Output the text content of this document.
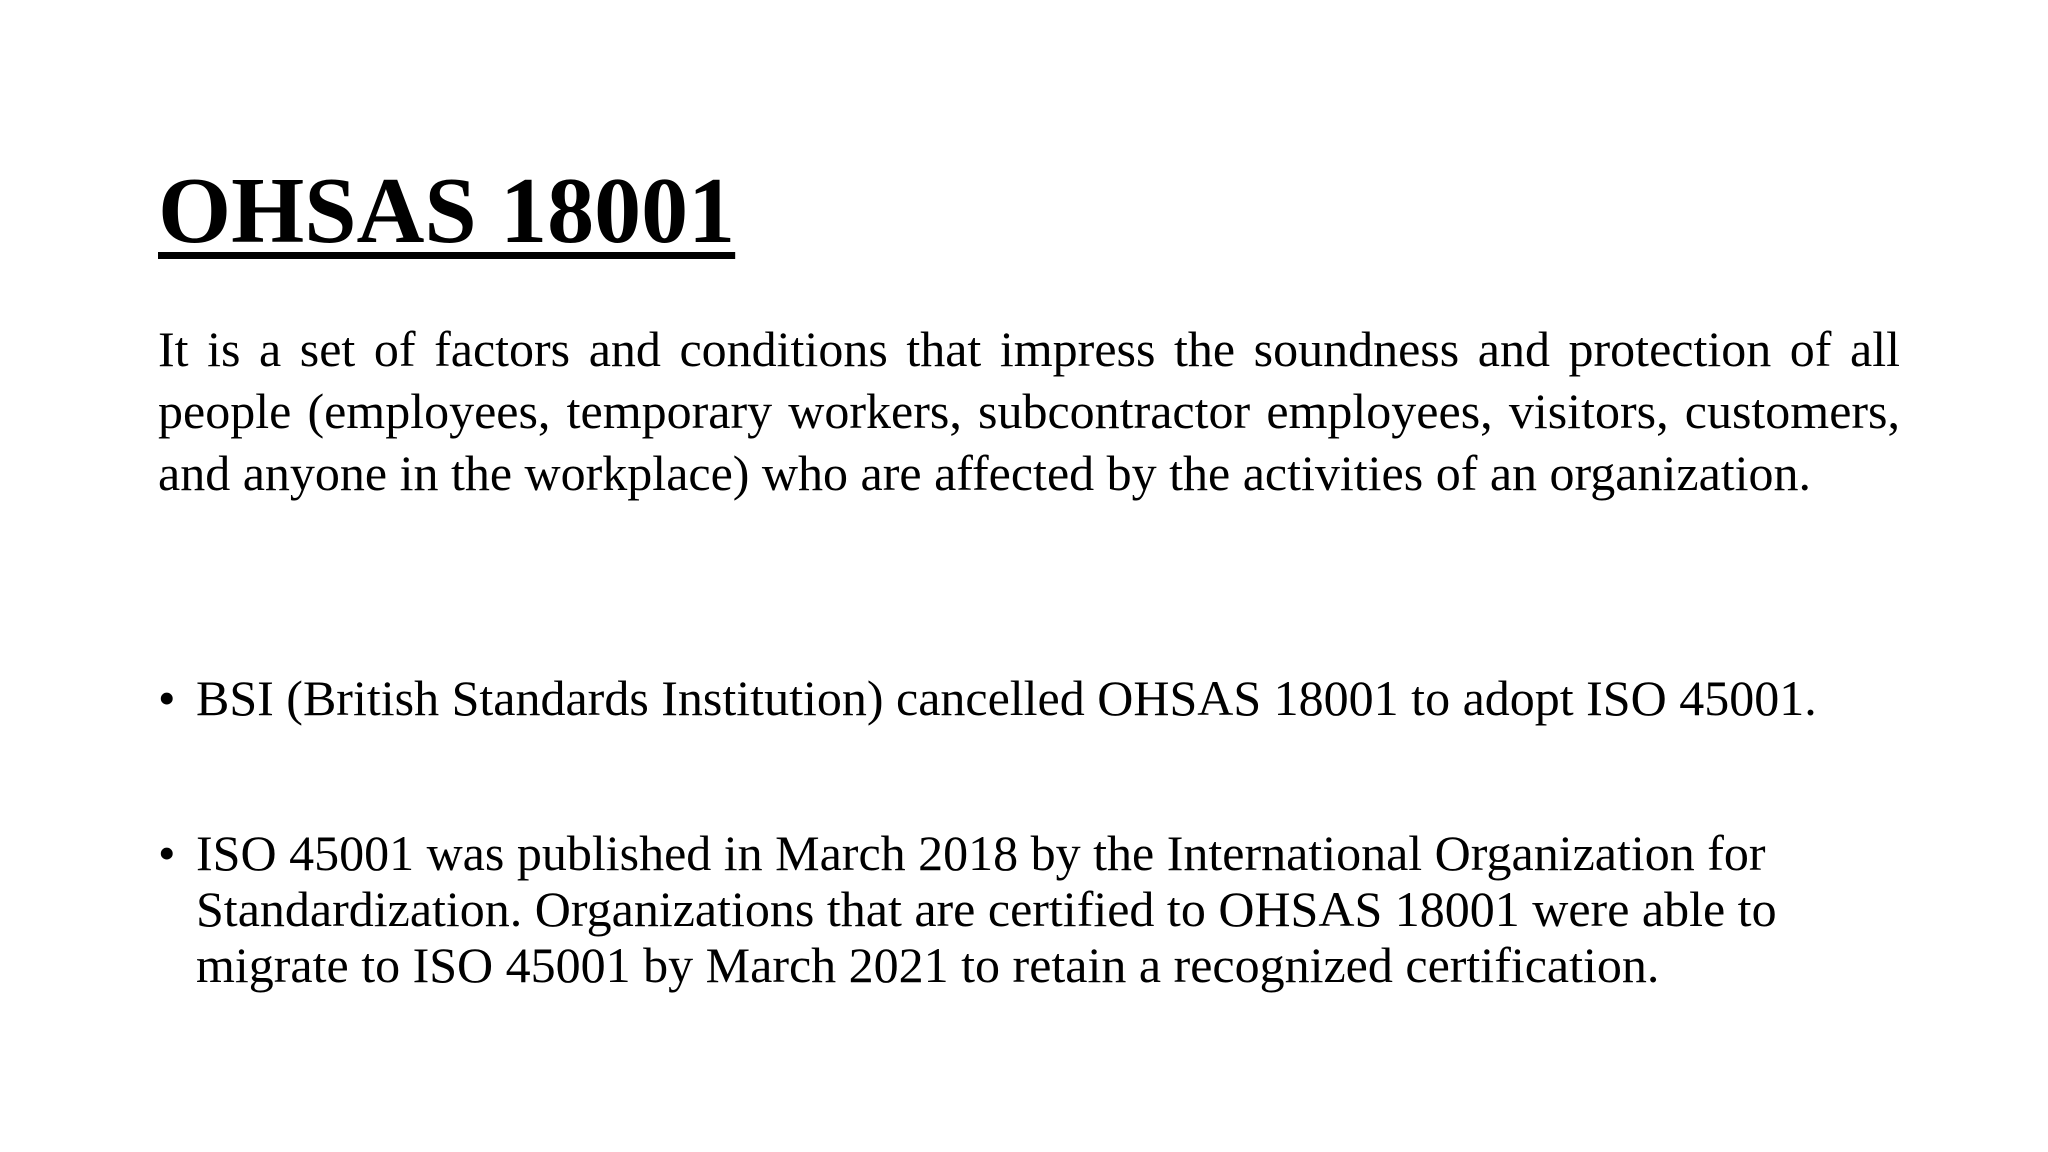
OHSAS 18001

It is a set of factors and conditions that impress the soundness and protection of all people (employees, temporary workers, subcontractor employees, visitors, customers, and anyone in the workplace) who are affected by the activities of an organization.

• BSI (British Standards Institution) cancelled OHSAS 18001 to adopt ISO 45001.
• ISO 45001 was published in March 2018 by the International Organization for Standardization. Organizations that are certified to OHSAS 18001 were able to migrate to ISO 45001 by March 2021 to retain a recognized certification.
